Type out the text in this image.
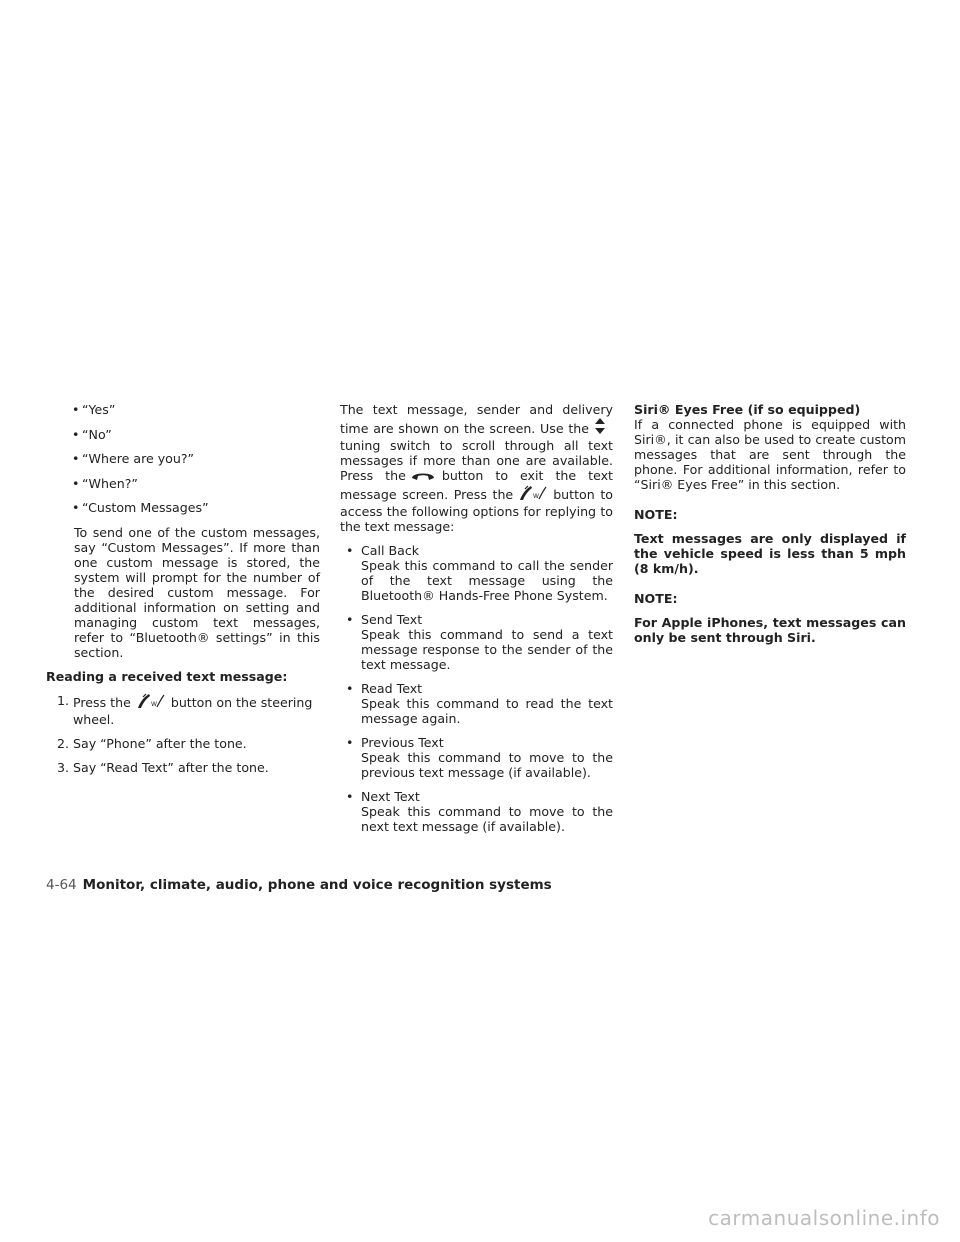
• “Yes”
• “No”
• “Where are you?”
• “When?”
• “Custom Messages”

To send one of the custom messages, say “Custom Messages”. If more than one custom message is stored, the system will prompt for the number of the desired custom message. For additional information on setting and managing custom text messages, refer to “Bluetooth® settings” in this section.

Reading a received text message:

1. Press the	W button on the steering wheel.
2. Say “Phone” after the tone.
3. Say “Read Text” after the tone.

The text message, sender and delivery time are shown on the screen. Use thetuning switch to scroll through all text messages if more than one are available. Press the	button to exit the text message screen. Press the	W button to access the following options for replying to the text message:

• Call Back
Speak this command to call the sender of the text message using the Bluetooth® Hands-Free Phone System.
• Send Text
Speak this command to send a text message response to the sender of the text message.
• Read Text
Speak this command to read the text message again.
• Previous Text
Speak this command to move to the previous text message (if available).
• Next Text
Speak this command to move to the next text message (if available).

Siri® Eyes Free (if so equipped)

If a connected phone is equipped with Siri®, it can also be used to create custom messages that are sent through the phone. For additional information, refer to “Siri® Eyes Free” in this section.

NOTE:

Text messages are only displayed if the vehicle speed is less than 5 mph (8 km/h).

NOTE:

For Apple iPhones, text messages can only be sent through Siri.

4-64 Monitor, climate, audio, phone and voice recognition systems
carmanualsonline.info
